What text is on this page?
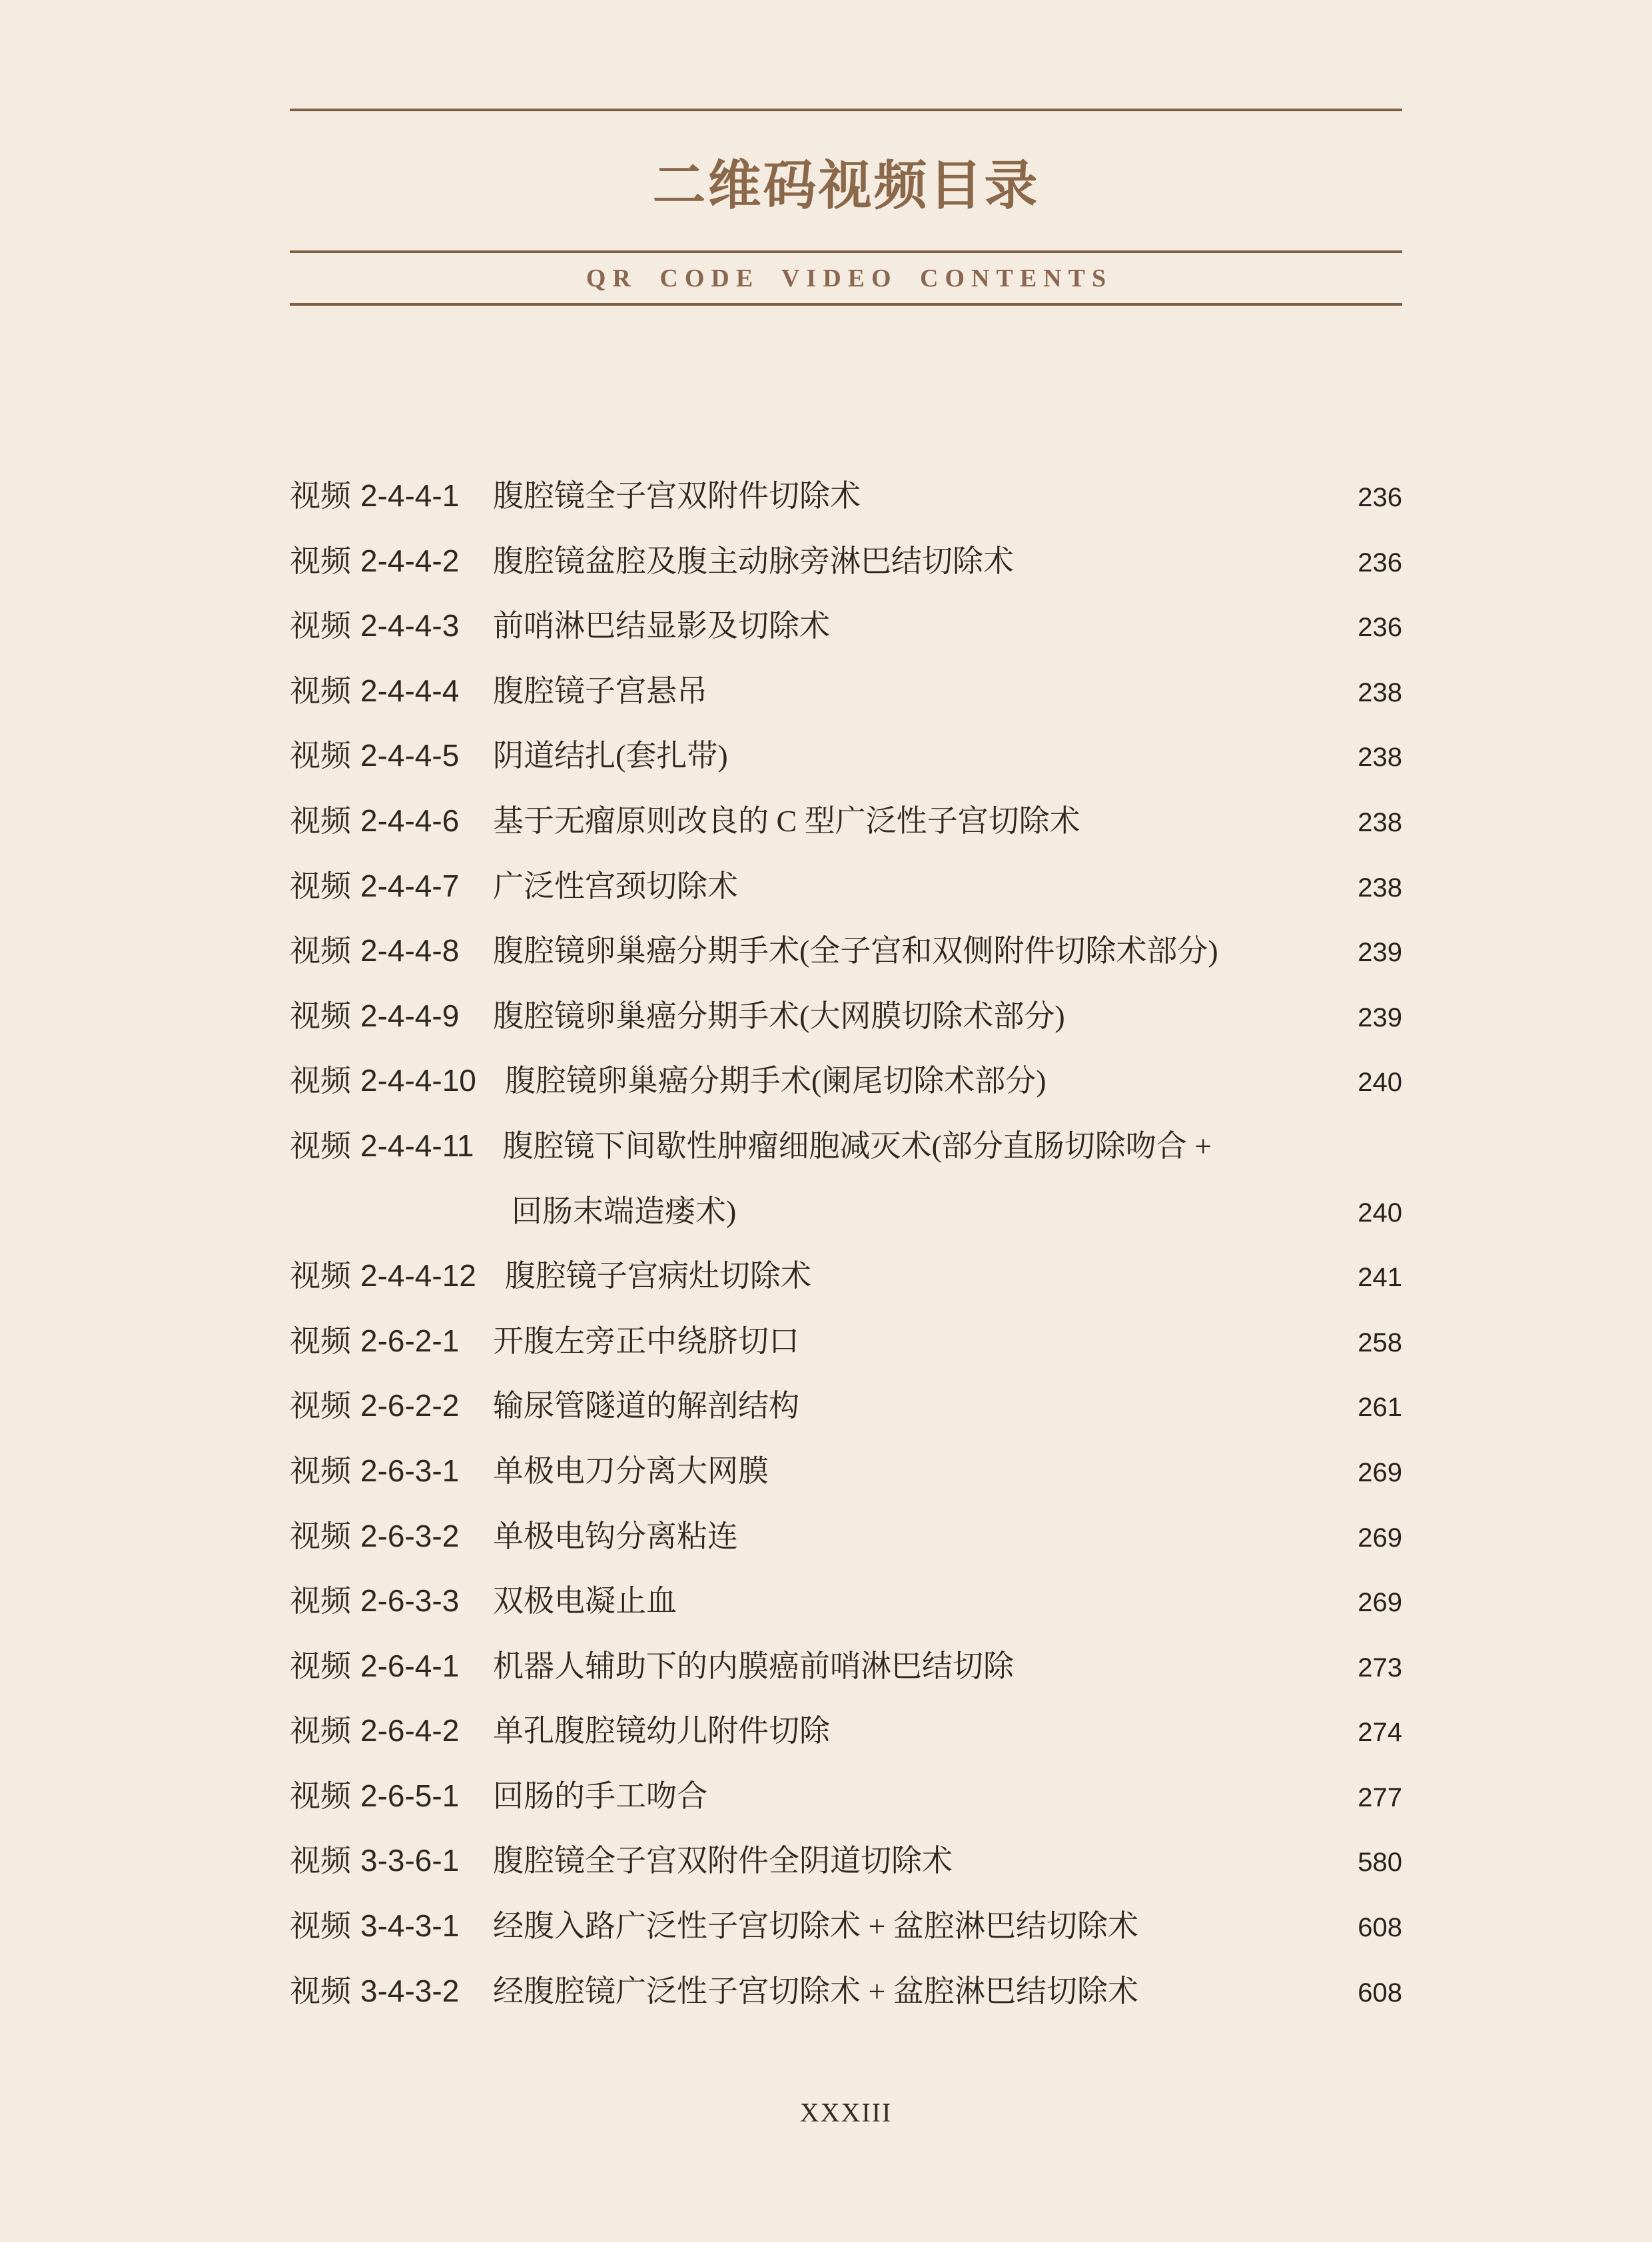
二维码视频目录
QR CODE VIDEO CONTENTS
视频 2-4-4-1 腹腔镜全子宫双附件切除术	236
视频 2-4-4-2 腹腔镜盆腔及腹主动脉旁淋巴结切除术	236
视频 2-4-4-3 前哨淋巴结显影及切除术	236
视频 2-4-4-4 腹腔镜子宫悬吊	238
视频 2-4-4-5 阴道结扎(套扎带)	238
视频 2-4-4-6 基于无瘤原则改良的 C 型广泛性子宫切除术	238
视频 2-4-4-7 广泛性宫颈切除术	238
视频 2-4-4-8 腹腔镜卵巢癌分期手术(全子宫和双侧附件切除术部分)	239
视频 2-4-4-9 腹腔镜卵巢癌分期手术(大网膜切除术部分)	239
视频 2-4-4-10 腹腔镜卵巢癌分期手术(阑尾切除术部分)	240
视频 2-4-4-11 腹腔镜下间歇性肿瘤细胞减灭术(部分直肠切除吻合 +
回肠末端造瘘术)	240
视频 2-4-4-12 腹腔镜子宫病灶切除术	241
视频 2-6-2-1 开腹左旁正中绕脐切口	258
视频 2-6-2-2 输尿管隧道的解剖结构	261
视频 2-6-3-1 单极电刀分离大网膜	269
视频 2-6-3-2 单极电钩分离粘连	269
视频 2-6-3-3 双极电凝止血	269
视频 2-6-4-1 机器人辅助下的内膜癌前哨淋巴结切除	273
视频 2-6-4-2 单孔腹腔镜幼儿附件切除	274
视频 2-6-5-1 回肠的手工吻合	277
视频 3-3-6-1 腹腔镜全子宫双附件全阴道切除术	580
视频 3-4-3-1 经腹入路广泛性子宫切除术 + 盆腔淋巴结切除术	608
视频 3-4-3-2 经腹腔镜广泛性子宫切除术 + 盆腔淋巴结切除术	608
XXXIII
